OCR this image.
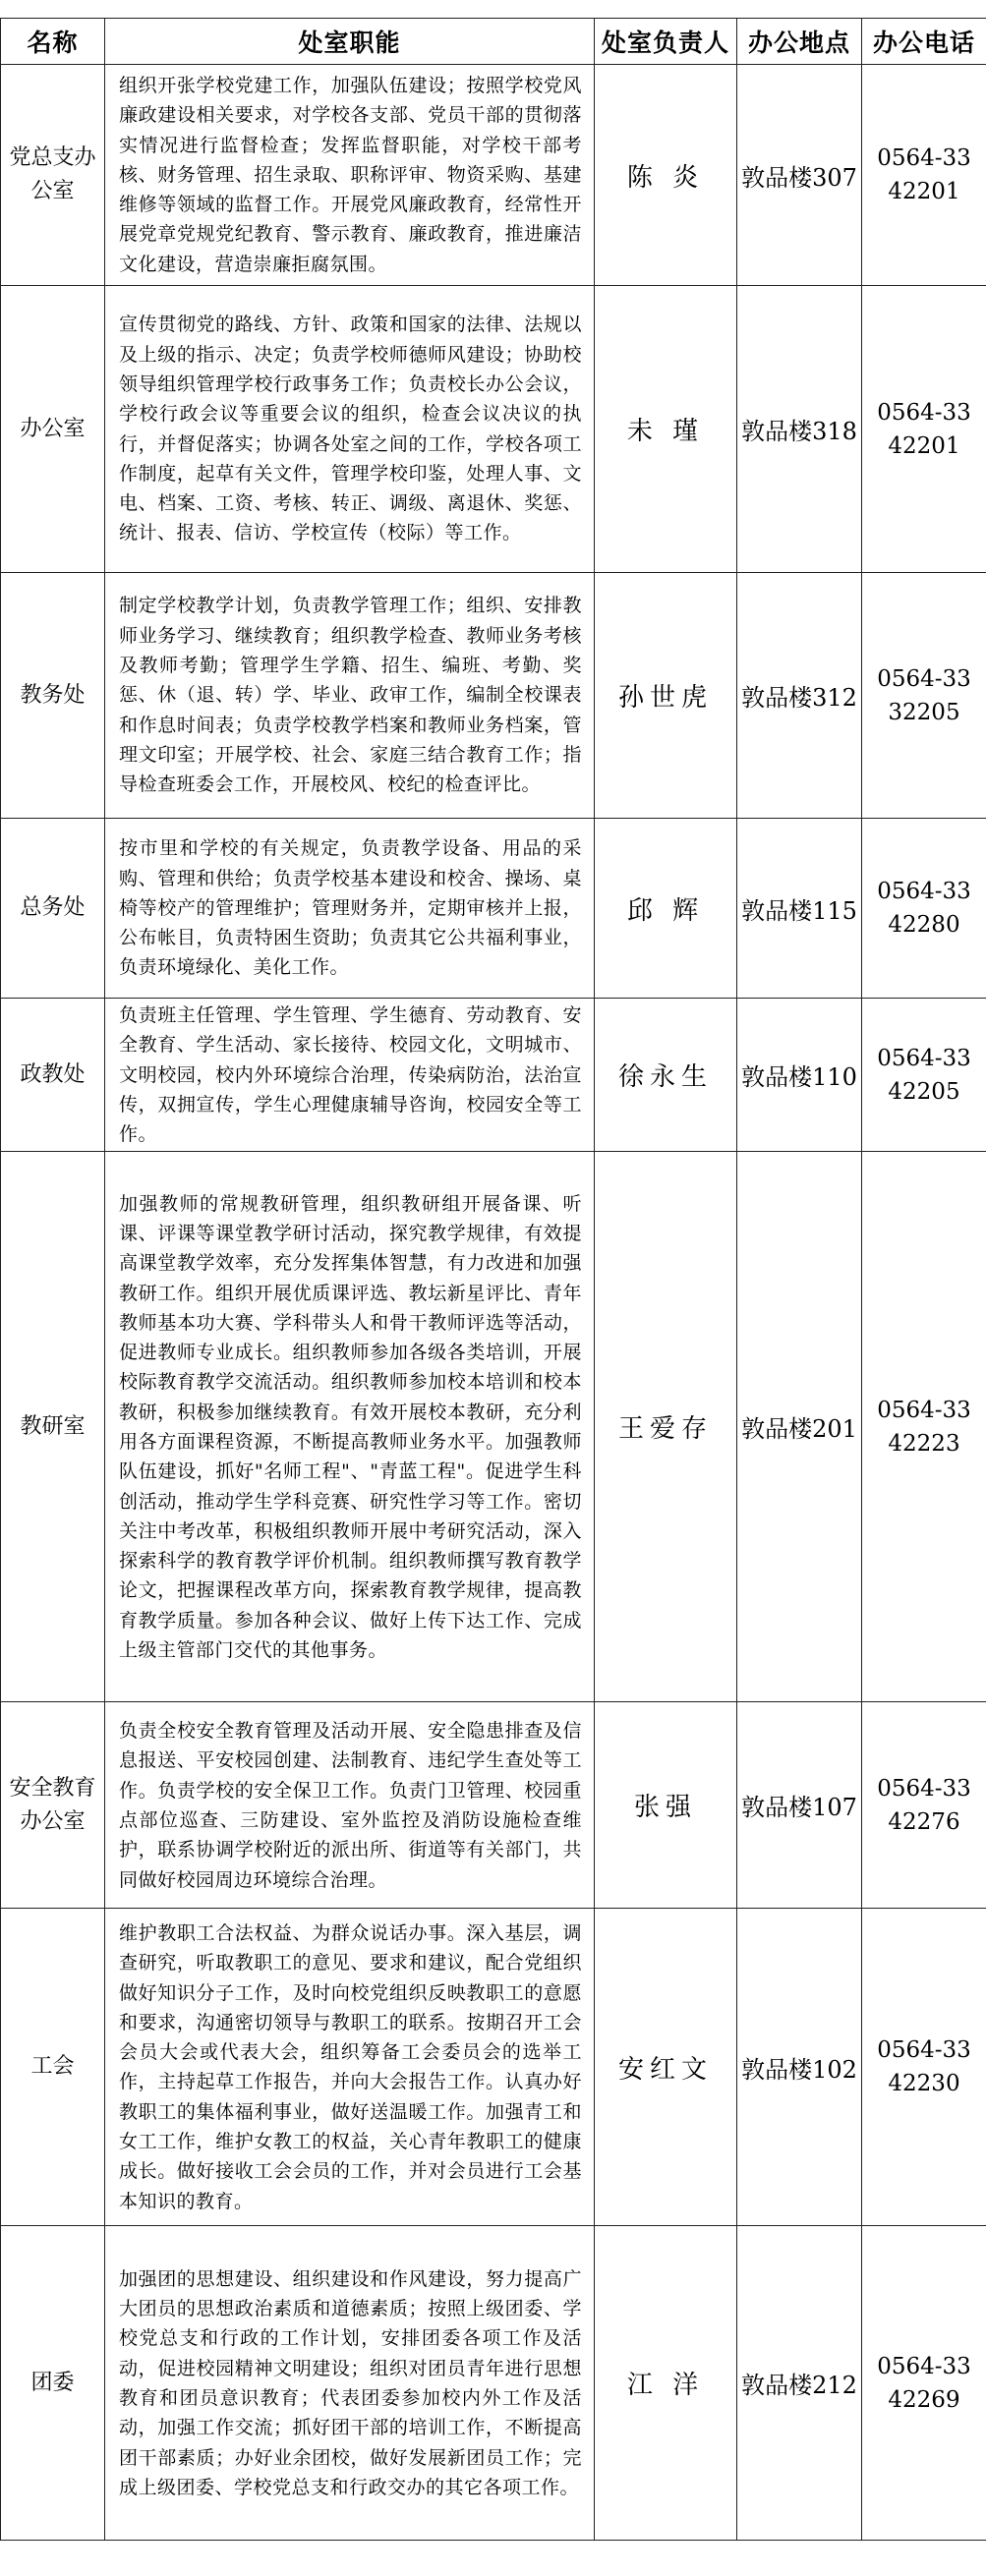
名称	处室职能	处室负责人	办公地点	办公电话
党总支办公室	组织开张学校党建工作，加强队伍建设；按照学校党风廉政建设相关要求，对学校各支部、党员干部的贯彻落实情况进行监督检查；发挥监督职能，对学校干部考核、财务管理、招生录取、职称评审、物资采购、基建维修等领域的监督工作。开展党风廉政教育，经常性开展党章党规党纪教育、警示教育、廉政教育，推进廉洁文化建设，营造崇廉拒腐氛围。	陈 炎	敦品楼307	0564-3342201
办公室	宣传贯彻党的路线、方针、政策和国家的法律、法规以及上级的指示、决定；负责学校师德师风建设；协助校领导组织管理学校行政事务工作；负责校长办公会议，学校行政会议等重要会议的组织，检查会议决议的执行，并督促落实；协调各处室之间的工作，学校各项工作制度，起草有关文件，管理学校印鉴，处理人事、文电、档案、工资、考核、转正、调级、离退休、奖惩、统计、报表、信访、学校宣传（校际）等工作。	未 瑾	敦品楼318	0564-3342201
教务处	制定学校教学计划，负责教学管理工作；组织、安排教师业务学习、继续教育；组织教学检查、教师业务考核及教师考勤；管理学生学籍、招生、编班、考勤、奖惩、休（退、转）学、毕业、政审工作，编制全校课表和作息时间表；负责学校教学档案和教师业务档案，管理文印室；开展学校、社会、家庭三结合教育工作；指导检查班委会工作，开展校风、校纪的检查评比。	孙世虎	敦品楼312	0564-3332205
总务处	按市里和学校的有关规定，负责教学设备、用品的采购、管理和供给；负责学校基本建设和校舍、操场、桌椅等校产的管理维护；管理财务并，定期审核并上报，公布帐目，负责特困生资助；负责其它公共福利事业，负责环境绿化、美化工作。	邱 辉	敦品楼115	0564-3342280
政教处	负责班主任管理、学生管理、学生德育、劳动教育、安全教育、学生活动、家长接待、校园文化，文明城市、文明校园，校内外环境综合治理，传染病防治，法治宣传，双拥宣传，学生心理健康辅导咨询，校园安全等工作。	徐永生	敦品楼110	0564-3342205
教研室	加强教师的常规教研管理，组织教研组开展备课、听课、评课等课堂教学研讨活动，探究教学规律，有效提高课堂教学效率，充分发挥集体智慧，有力改进和加强教研工作。组织开展优质课评选、教坛新星评比、青年教师基本功大赛、学科带头人和骨干教师评选等活动，促进教师专业成长。组织教师参加各级各类培训，开展校际教育教学交流活动。组织教师参加校本培训和校本教研，积极参加继续教育。有效开展校本教研，充分利用各方面课程资源，不断提高教师业务水平。加强教师队伍建设，抓好"名师工程"、"青蓝工程"。促进学生科创活动，推动学生学科竞赛、研究性学习等工作。密切关注中考改革，积极组织教师开展中考研究活动，深入探索科学的教育教学评价机制。组织教师撰写教育教学论文，把握课程改革方向，探索教育教学规律，提高教育教学质量。参加各种会议、做好上传下达工作、完成上级主管部门交代的其他事务。	王爱存	敦品楼201	0564-3342223
安全教育办公室	负责全校安全教育管理及活动开展、安全隐患排查及信息报送、平安校园创建、法制教育、违纪学生查处等工作。负责学校的安全保卫工作。负责门卫管理、校园重点部位巡查、三防建设、室外监控及消防设施检查维护，联系协调学校附近的派出所、街道等有关部门，共同做好校园周边环境综合治理。	张强	敦品楼107	0564-3342276
工会	维护教职工合法权益、为群众说话办事。深入基层，调查研究，听取教职工的意见、要求和建议，配合党组织做好知识分子工作，及时向校党组织反映教职工的意愿和要求，沟通密切领导与教职工的联系。按期召开工会会员大会或代表大会，组织筹备工会委员会的选举工作，主持起草工作报告，并向大会报告工作。认真办好教职工的集体福利事业，做好送温暖工作。加强青工和女工工作，维护女教工的权益，关心青年教职工的健康成长。做好接收工会会员的工作，并对会员进行工会基本知识的教育。	安红文	敦品楼102	0564-3342230
团委	加强团的思想建设、组织建设和作风建设，努力提高广大团员的思想政治素质和道德素质；按照上级团委、学校党总支和行政的工作计划，安排团委各项工作及活动，促进校园精神文明建设；组织对团员青年进行思想教育和团员意识教育；代表团委参加校内外工作及活动，加强工作交流；抓好团干部的培训工作，不断提高团干部素质；办好业余团校，做好发展新团员工作；完成上级团委、学校党总支和行政交办的其它各项工作。	江 洋	敦品楼212	0564-3342269
